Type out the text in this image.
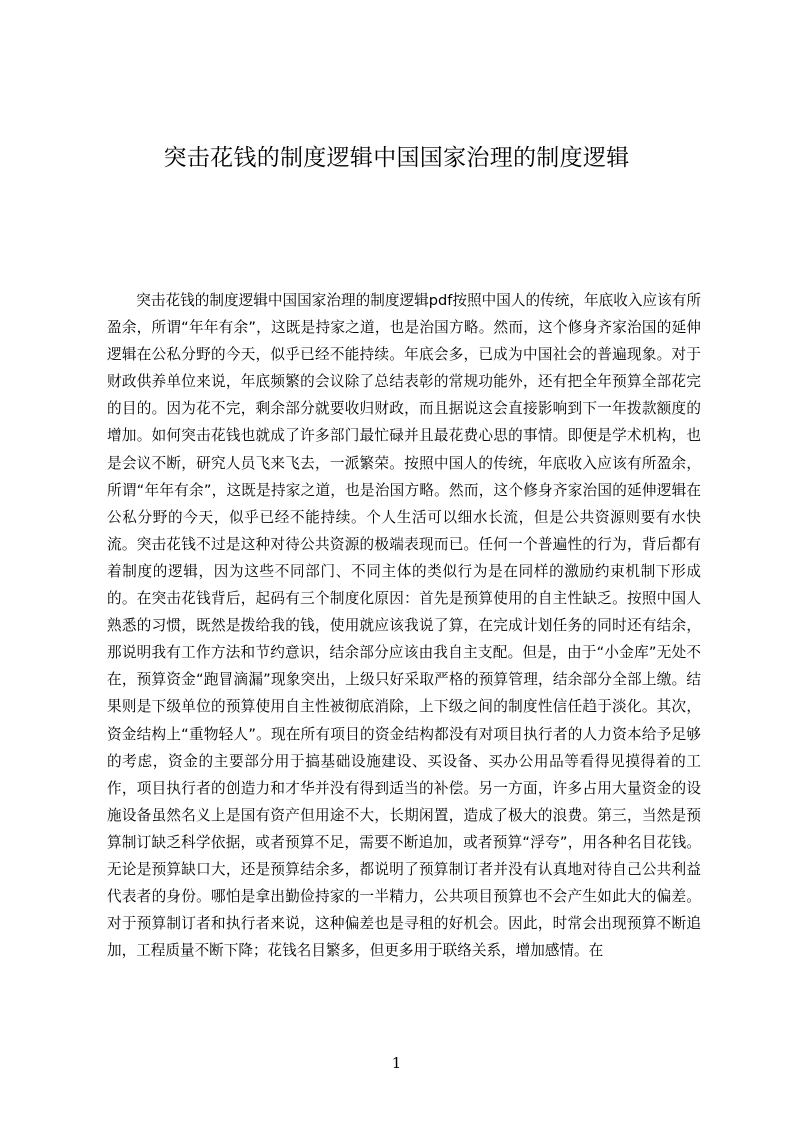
突击花钱的制度逻辑中国国家治理的制度逻辑

突击花钱的制度逻辑中国国家治理的制度逻辑pdf按照中国人的传统，年底收入应该有所盈余，所谓“年年有余”，这既是持家之道，也是治国方略。然而，这个修身齐家治国的延伸逻辑在公私分野的今天，似乎已经不能持续。年底会多，已成为中国社会的普遍现象。对于财政供养单位来说，年底频繁的会议除了总结表彰的常规功能外，还有把全年预算全部花完的目的。因为花不完，剩余部分就要收归财政，而且据说这会直接影响到下一年拨款额度的增加。如何突击花钱也就成了许多部门最忙碌并且最花费心思的事情。即便是学术机构，也是会议不断，研究人员飞来飞去，一派繁荣。按照中国人的传统，年底收入应该有所盈余，所谓“年年有余”，这既是持家之道，也是治国方略。然而，这个修身齐家治国的延伸逻辑在公私分野的今天，似乎已经不能持续。个人生活可以细水长流，但是公共资源则要有水快流。突击花钱不过是这种对待公共资源的极端表现而已。任何一个普遍性的行为，背后都有着制度的逻辑，因为这些不同部门、不同主体的类似行为是在同样的激励约束机制下形成的。在突击花钱背后，起码有三个制度化原因：首先是预算使用的自主性缺乏。按照中国人熟悉的习惯，既然是拨给我的钱，使用就应该我说了算，在完成计划任务的同时还有结余，那说明我有工作方法和节约意识，结余部分应该由我自主支配。但是，由于“小金库”无处不在，预算资金“跑冒滴漏”现象突出，上级只好采取严格的预算管理，结余部分全部上缴。结果则是下级单位的预算使用自主性被彻底消除，上下级之间的制度性信任趋于淡化。其次，资金结构上“重物轻人”。现在所有项目的资金结构都没有对项目执行者的人力资本给予足够的考虑，资金的主要部分用于搞基础设施建设、买设备、买办公用品等看得见摸得着的工作，项目执行者的创造力和才华并没有得到适当的补偿。另一方面，许多占用大量资金的设施设备虽然名义上是国有资产但用途不大，长期闲置，造成了极大的浪费。第三，当然是预算制订缺乏科学依据，或者预算不足，需要不断追加，或者预算“浮夸”，用各种名目花钱。无论是预算缺口大，还是预算结余多，都说明了预算制订者并没有认真地对待自己公共利益代表者的身份。哪怕是拿出勤俭持家的一半精力，公共项目预算也不会产生如此大的偏差。对于预算制订者和执行者来说，这种偏差也是寻租的好机会。因此，时常会出现预算不断追加，工程质量不断下降；花钱名目繁多，但更多用于联络关系，增加感情。在

1
